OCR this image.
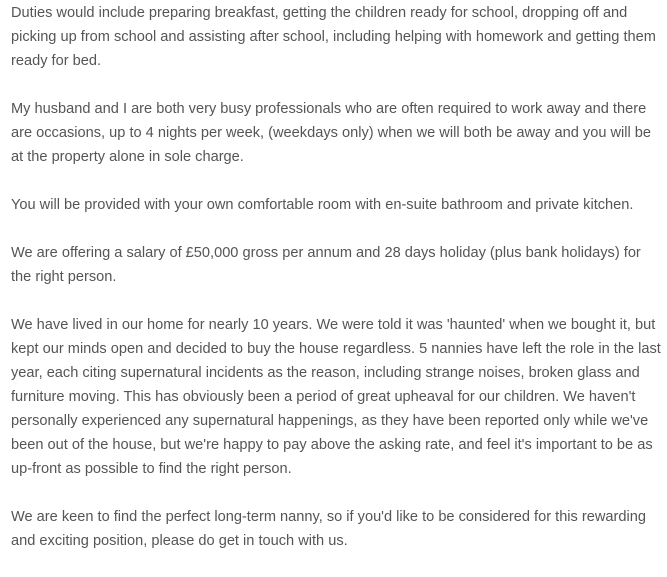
Duties would include preparing breakfast, getting the children ready for school, dropping off and picking up from school and assisting after school, including helping with homework and getting them ready for bed.

My husband and I are both very busy professionals who are often required to work away and there are occasions, up to 4 nights per week, (weekdays only) when we will both be away and you will be at the property alone in sole charge.

You will be provided with your own comfortable room with en-suite bathroom and private kitchen.

We are offering a salary of £50,000 gross per annum and 28 days holiday (plus bank holidays) for the right person.

We have lived in our home for nearly 10 years. We were told it was 'haunted' when we bought it, but kept our minds open and decided to buy the house regardless. 5 nannies have left the role in the last year, each citing supernatural incidents as the reason, including strange noises, broken glass and furniture moving. This has obviously been a period of great upheaval for our children. We haven't personally experienced any supernatural happenings, as they have been reported only while we've been out of the house, but we're happy to pay above the asking rate, and feel it's important to be as up-front as possible to find the right person.

We are keen to find the perfect long-term nanny, so if you'd like to be considered for this rewarding and exciting position, please do get in touch with us.
